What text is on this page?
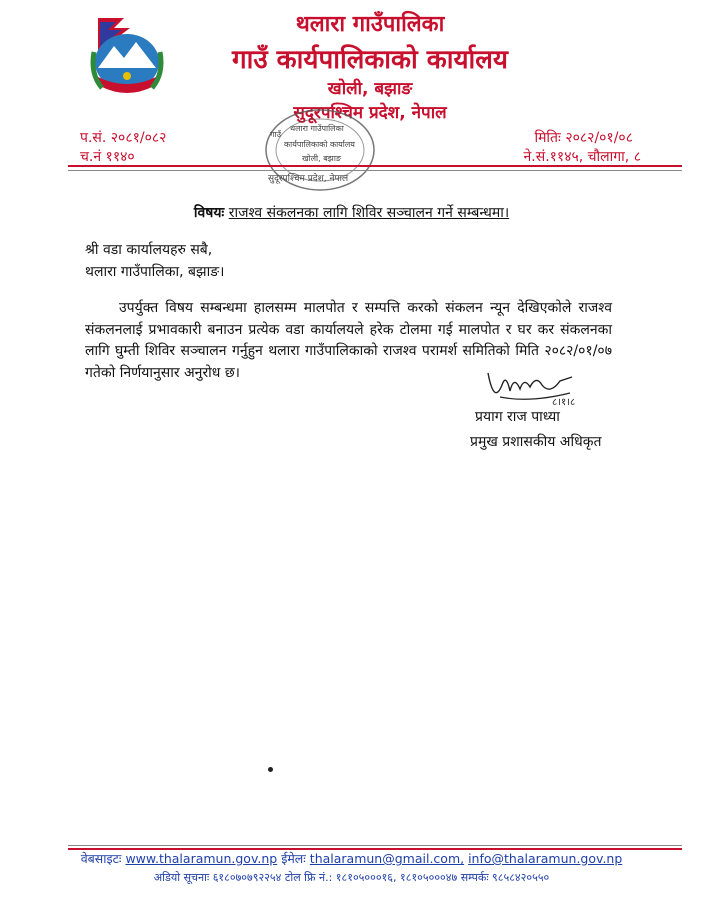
थलारा गाउँपालिका
गाउँ कार्यपालिकाको कार्यालय
खोली, बझाङ
सुदूरपश्चिम प्रदेश, नेपाल
प.सं. २०८१/०८२
च.नं ११४०
मितिः २०८२/०१/०८
ने.सं.११४५, चौलागा, ८
गाउँ
थलारा गाउँपालिका
कार्यपालिकाको कार्यालय
खोली, बझाङ
सुदूरपश्चिम प्रदेश, नेपाल
विषयः राजश्व संकलनका लागि शिविर सञ्चालन गर्ने सम्बन्धमा।
श्री वडा कार्यालयहरु सबै,
थलारा गाउँपालिका, बझाङ।
उपर्युक्त विषय सम्बन्धमा हालसम्म मालपोत र सम्पत्ति करको संकलन न्यून देखिएकोले राजश्व संकलनलाई प्रभावकारी बनाउन प्रत्येक वडा कार्यालयले हरेक टोलमा गई मालपोत र घर कर संकलनका लागि घुम्ती शिविर सञ्चालन गर्नुहुन थलारा गाउँपालिकाको राजश्व परामर्श समितिको मिति २०८२/०१/०७ गतेको निर्णयानुसार अनुरोध छ।
८।१।८
प्रयाग राज पाध्या
प्रमुख प्रशासकीय अधिकृत
वेबसाइटः www.thalaramun.gov.np ईमेलः thalaramun@gmail.com, info@thalaramun.gov.np
अडियो सूचनाः ६१८०७०७९२२५४ टोल फ्रि नं.: १८१०५०००१६, १८१०५०००४७ सम्पर्कः ९८५८४२०५५०
